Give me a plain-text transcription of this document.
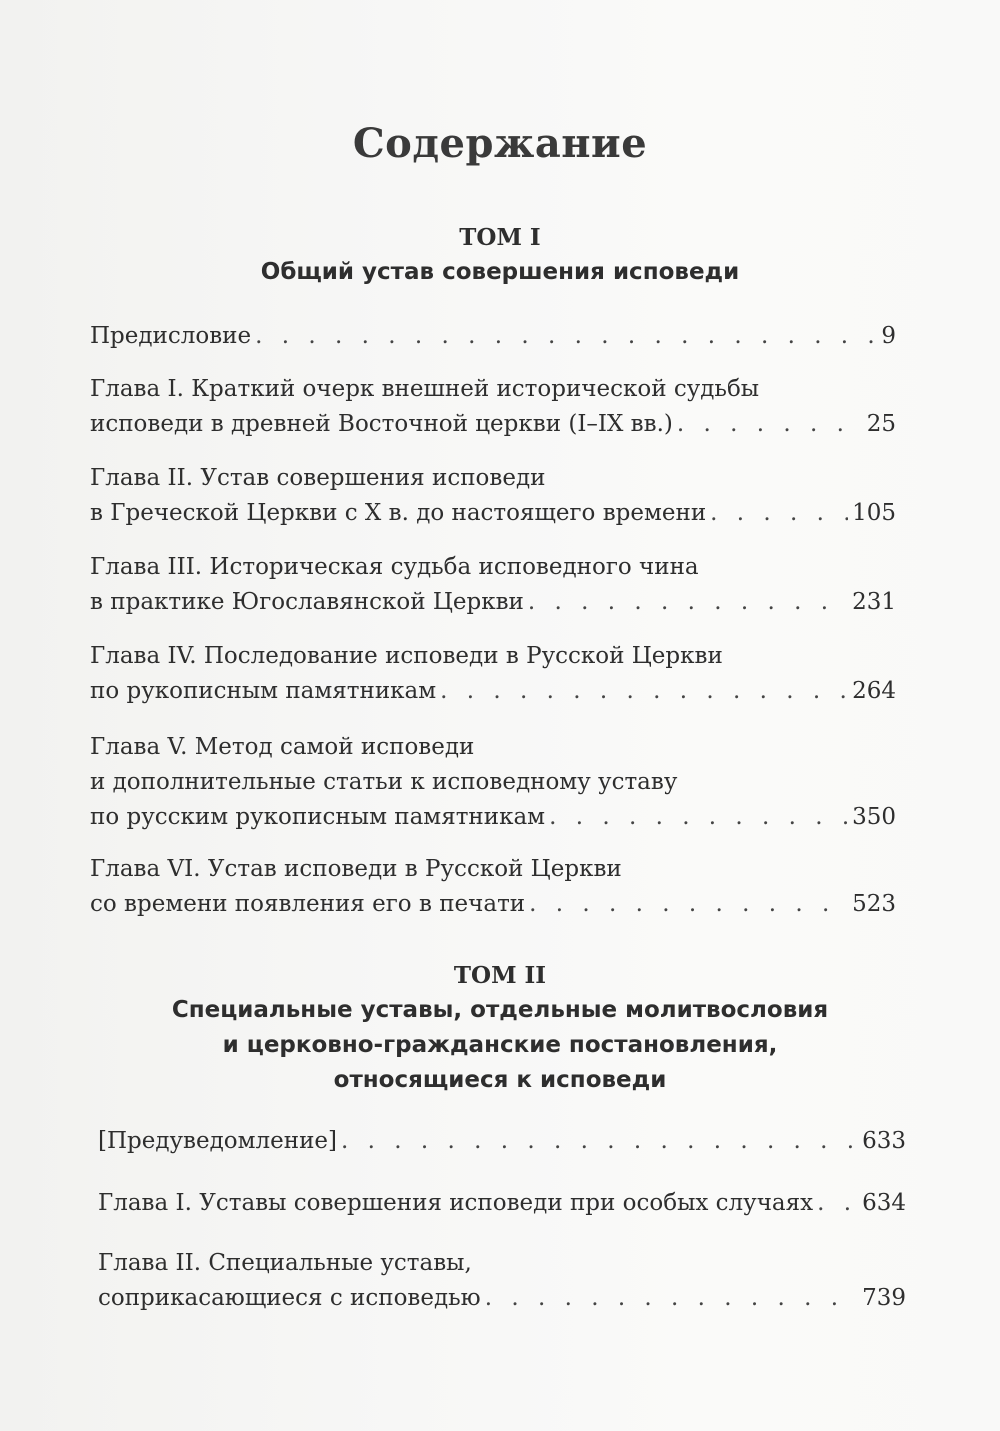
Содержание
ТОМ I
Общий устав совершения исповеди
Предисловие . . .	9
Глава I. Краткий очерк внешней исторической судьбы
исповеди в древней Восточной церкви (I–IX вв.) . . .	25
Глава II. Устав совершения исповеди
в Греческой Церкви с X в. до настоящего времени . . .	105
Глава III. Историческая судьба исповедного чина
в практике Югославянской Церкви . . .	231
Глава IV. Последование исповеди в Русской Церкви
по рукописным памятникам . . .	264
Глава V. Метод самой исповеди
и дополнительные статьи к исповедному уставу
по русским рукописным памятникам . . .	350
Глава VI. Устав исповеди в Русской Церкви
со времени появления его в печати . . .	523
ТОМ II
Специальные уставы, отдельные молитвословия
и церковно-гражданские постановления,
относящиеся к исповеди
[Предуведомление] . . .	633
Глава I. Уставы совершения исповеди при особых случаях . . . 634
Глава II. Специальные уставы,
соприкасающиеся с исповедью . . .	739
